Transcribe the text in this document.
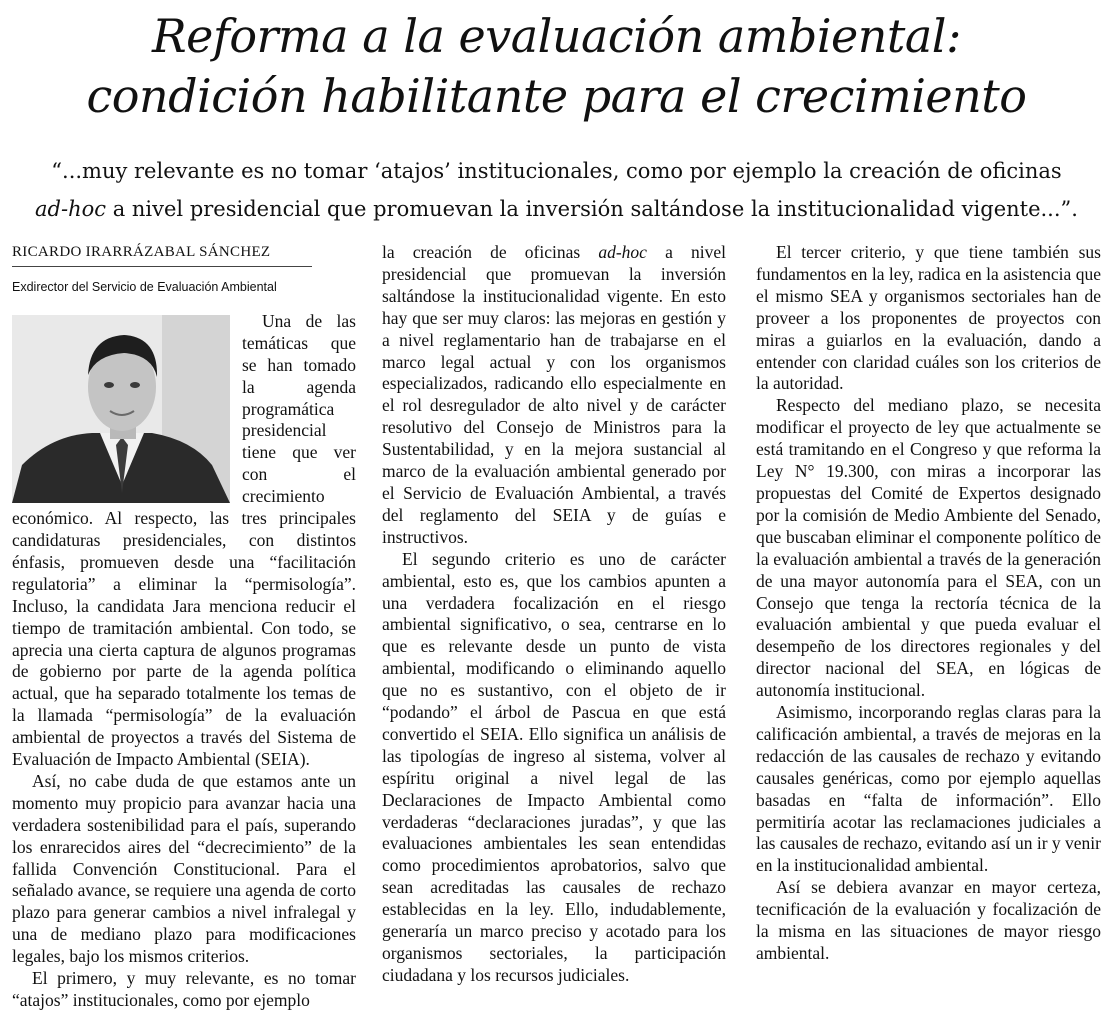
Reforma a la evaluación ambiental:
condición habilitante para el crecimiento
“...muy relevante es no tomar ‘atajos’ institucionales, como por ejemplo la creación de oficinas
ad-hoc a nivel presidencial que promuevan la inversión saltándose la institucionalidad vigente...”.

RICARDO IRARRÁZABAL SÁNCHEZ

Exdirector del Servicio de Evaluación Ambiental

Una de las temáticas que se han tomado la agenda programática presidencial tiene que ver con el crecimiento económico. Al respecto, las tres principales candidaturas presidenciales, con distintos énfasis, promueven desde una “facilitación regulatoria” a eliminar la “permisología”. Incluso, la candidata Jara menciona reducir el tiempo de tramitación ambiental. Con todo, se aprecia una cierta captura de algunos programas de gobierno por parte de la agenda política actual, que ha separado totalmente los temas de la llamada “permisología” de la evaluación ambiental de proyectos a través del Sistema de Evaluación de Impacto Ambiental (SEIA).

Así, no cabe duda de que estamos ante un momento muy propicio para avanzar hacia una verdadera sostenibilidad para el país, superando los enrarecidos aires del “decrecimiento” de la fallida Convención Constitucional. Para el señalado avance, se requiere una agenda de corto plazo para generar cambios a nivel infralegal y una de mediano plazo para modificaciones legales, bajo los mismos criterios.

El primero, y muy relevante, es no tomar “atajos” institucionales, como por ejemplo

la creación de oficinas ad-hoc a nivel presidencial que promuevan la inversión saltándose la institucionalidad vigente. En esto hay que ser muy claros: las mejoras en gestión y a nivel reglamentario han de trabajarse en el marco legal actual y con los organismos especializados, radicando ello especialmente en el rol desregulador de alto nivel y de carácter resolutivo del Consejo de Ministros para la Sustentabilidad, y en la mejora sustancial al marco de la evaluación ambiental generado por el Servicio de Evaluación Ambiental, a través del reglamento del SEIA y de guías e instructivos.

El segundo criterio es uno de carácter ambiental, esto es, que los cambios apunten a una verdadera focalización en el riesgo ambiental significativo, o sea, centrarse en lo que es relevante desde un punto de vista ambiental, modificando o eliminando aquello que no es sustantivo, con el objeto de ir “podando” el árbol de Pascua en que está convertido el SEIA. Ello significa un análisis de las tipologías de ingreso al sistema, volver al espíritu original a nivel legal de las Declaraciones de Impacto Ambiental como verdaderas “declaraciones juradas”, y que las evaluaciones ambientales les sean entendidas como procedimientos aprobatorios, salvo que sean acreditadas las causales de rechazo establecidas en la ley. Ello, indudablemente, generaría un marco preciso y acotado para los organismos sectoriales, la participación ciudadana y los recursos judiciales.

El tercer criterio, y que tiene también sus fundamentos en la ley, radica en la asistencia que el mismo SEA y organismos sectoriales han de proveer a los proponentes de proyectos con miras a guiarlos en la evaluación, dando a entender con claridad cuáles son los criterios de la autoridad.

Respecto del mediano plazo, se necesita modificar el proyecto de ley que actualmente se está tramitando en el Congreso y que reforma la Ley N° 19.300, con miras a incorporar las propuestas del Comité de Expertos designado por la comisión de Medio Ambiente del Senado, que buscaban eliminar el componente político de la evaluación ambiental a través de la generación de una mayor autonomía para el SEA, con un Consejo que tenga la rectoría técnica de la evaluación ambiental y que pueda evaluar el desempeño de los directores regionales y del director nacional del SEA, en lógicas de autonomía institucional.

Asimismo, incorporando reglas claras para la calificación ambiental, a través de mejoras en la redacción de las causales de rechazo y evitando causales genéricas, como por ejemplo aquellas basadas en “falta de información”. Ello permitiría acotar las reclamaciones judiciales a las causales de rechazo, evitando así un ir y venir en la institucionalidad ambiental.

Así se debiera avanzar en mayor certeza, tecnificación de la evaluación y focalización de la misma en las situaciones de mayor riesgo ambiental.
